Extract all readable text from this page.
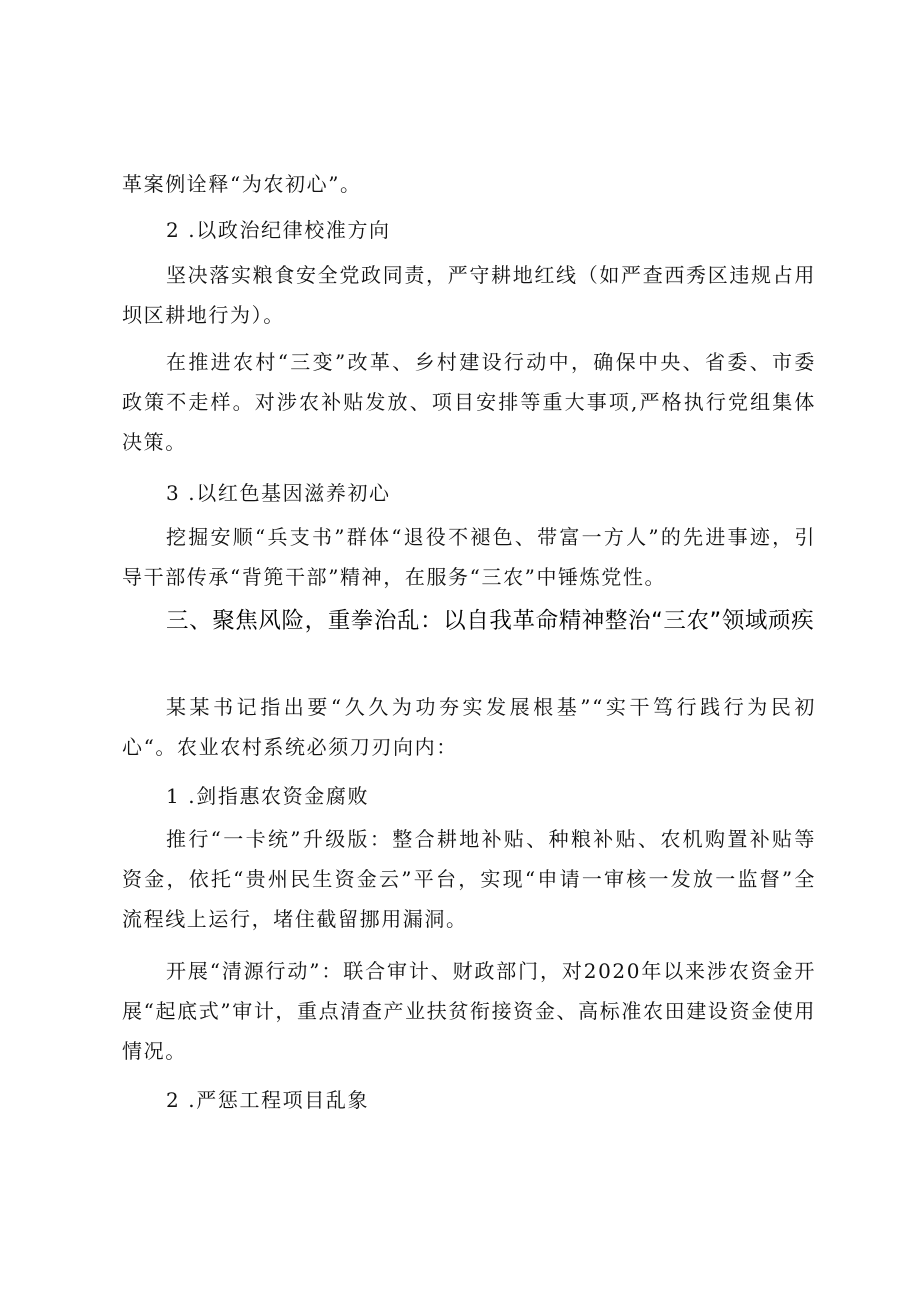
革案例诠释“为农初心”。

2 .以政治纪律校准方向

坚决落实粮食安全党政同责，严守耕地红线（如严查西秀区违规占用坝区耕地行为）。

在推进农村“三变”改革、乡村建设行动中，确保中央、省委、市委政策不走样。对涉农补贴发放、项目安排等重大事项,严格执行党组集体决策。

3 .以红色基因滋养初心

挖掘安顺“兵支书”群体“退役不褪色、带富一方人”的先进事迹，引导干部传承“背篼干部”精神，在服务“三农”中锤炼党性。

三、聚焦风险，重拳治乱：以自我革命精神整治“三农”领域顽疾

某某书记指出要“久久为功夯实发展根基”“实干笃行践行为民初心“。农业农村系统必须刀刃向内：

1 .剑指惠农资金腐败

推行“一卡统”升级版：整合耕地补贴、种粮补贴、农机购置补贴等资金，依托“贵州民生资金云”平台，实现“申请一审核一发放一监督”全流程线上运行，堵住截留挪用漏洞。

开展“清源行动”：联合审计、财政部门，对2020年以来涉农资金开展“起底式”审计，重点清查产业扶贫衔接资金、高标准农田建设资金使用情况。

2 .严惩工程项目乱象
